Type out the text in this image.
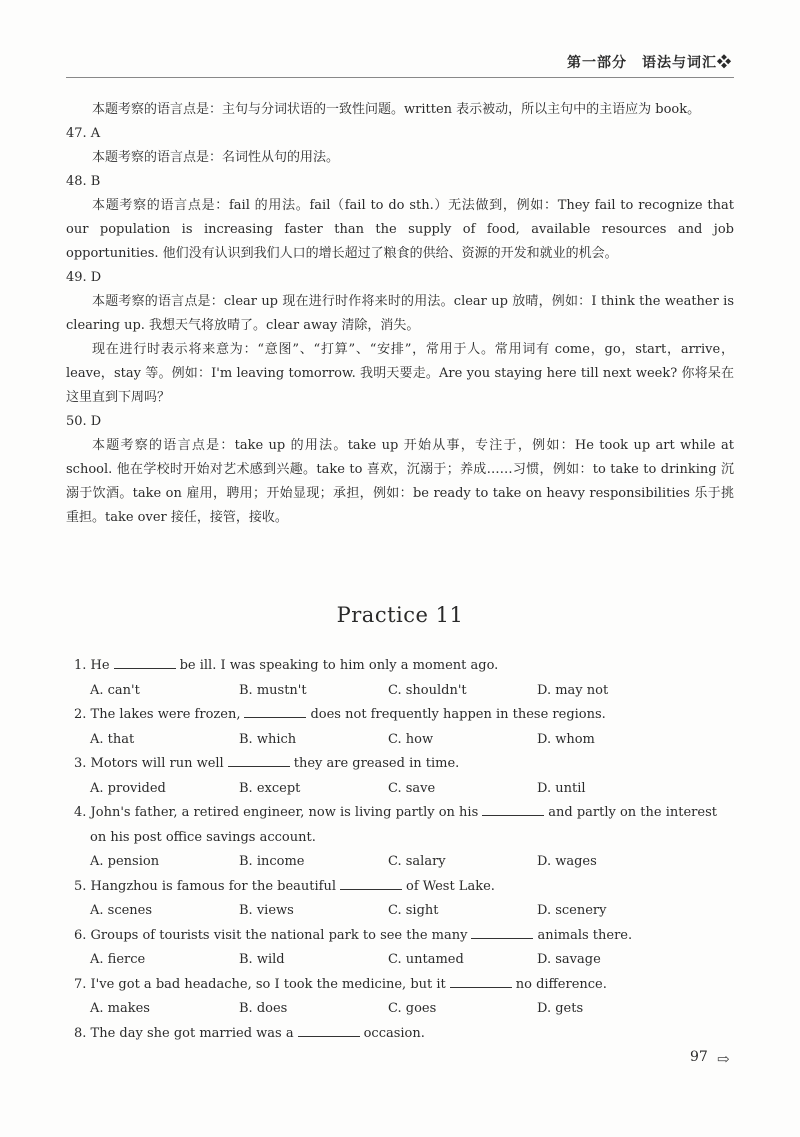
第一部分　语法与词汇❖

本题考察的语言点是：主句与分词状语的一致性问题。written 表示被动，所以主句中的主语应为 book。

47. A

本题考察的语言点是：名词性从句的用法。

48. B

本题考察的语言点是：fail 的用法。fail（fail to do sth.）无法做到，例如：They fail to recognize that our population is increasing faster than the supply of food, available resources and job opportunities. 他们没有认识到我们人口的增长超过了粮食的供给、资源的开发和就业的机会。

49. D

本题考察的语言点是：clear up 现在进行时作将来时的用法。clear up 放晴，例如：I think the weather is clearing up. 我想天气将放晴了。clear away 清除，消失。

现在进行时表示将来意为：“意图”、“打算”、“安排”，常用于人。常用词有 come，go，start，arrive，leave，stay 等。例如：I'm leaving tomorrow. 我明天要走。Are you staying here till next week? 你将呆在这里直到下周吗？

50. D

本题考察的语言点是：take up 的用法。take up 开始从事，专注于，例如：He took up art while at school. 他在学校时开始对艺术感到兴趣。take to 喜欢，沉溺于；养成……习惯，例如：to take to drinking 沉溺于饮酒。take on 雇用，聘用；开始显现；承担，例如：be ready to take on heavy responsibilities 乐于挑重担。take over 接任，接管，接收。

Practice 11

1. He	be ill. I was speaking to him only a moment ago.

A. can't	B. mustn't	C. shouldn't	D. may not

2. The lakes were frozen,	does not frequently happen in these regions.

A. that	B. which	C. how	D. whom

3. Motors will run well	they are greased in time.

A. provided	B. except	C. save	D. until

4. John's father, a retired engineer, now is living partly on his	and partly on the interest

on his post office savings account.

A. pension	B. income	C. salary	D. wages

5. Hangzhou is famous for the beautiful	of West Lake.

A. scenes	B. views	C. sight	D. scenery

6. Groups of tourists visit the national park to see the many	animals there.

A. fierce	B. wild	C. untamed	D. savage

7. I've got a bad headache, so I took the medicine, but it	no difference.

A. makes	B. does	C. goes	D. gets

8. The day she got married was a	occasion.

97 ⇨
